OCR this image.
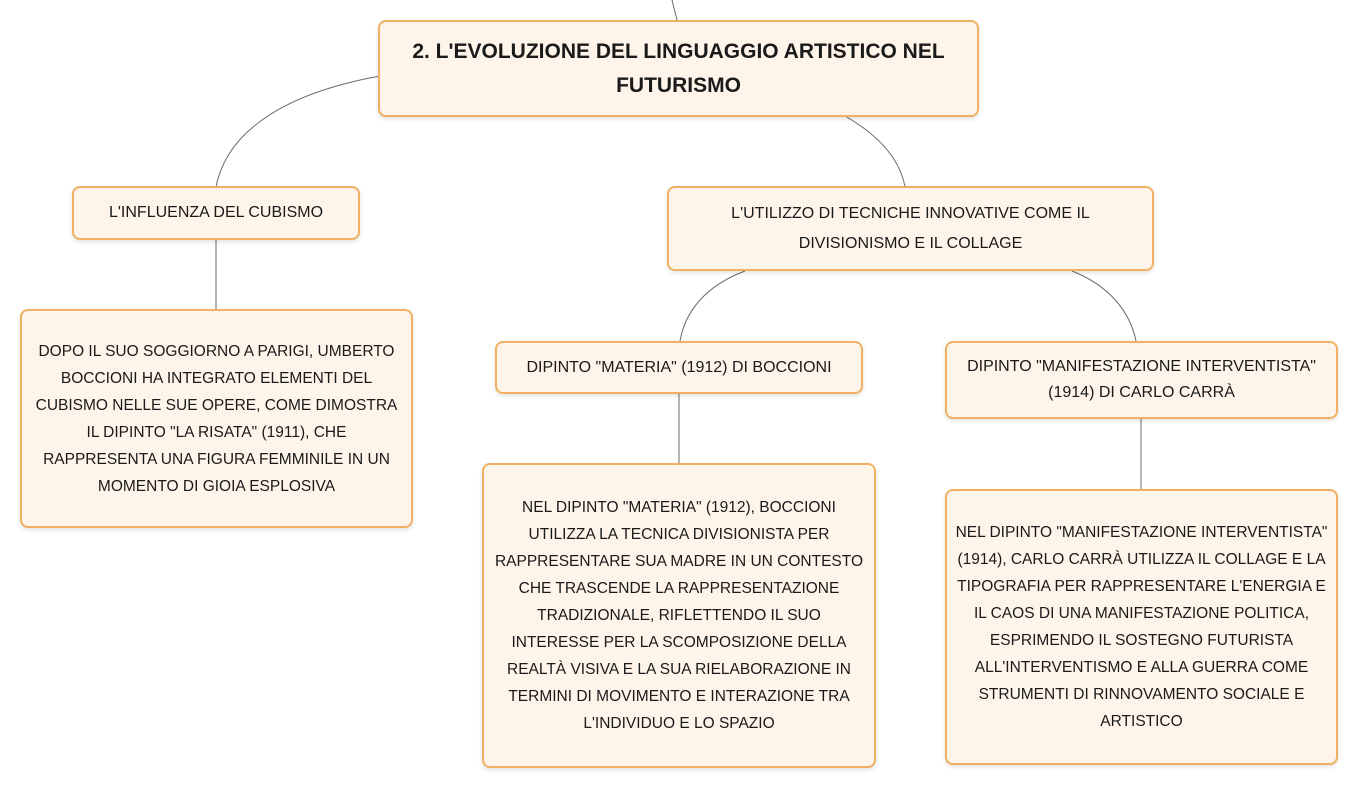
2. L'EVOLUZIONE DEL LINGUAGGIO ARTISTICO NEL FUTURISMO
L'INFLUENZA DEL CUBISMO
DOPO IL SUO SOGGIORNO A PARIGI, UMBERTO BOCCIONI HA INTEGRATO ELEMENTI DEL CUBISMO NELLE SUE OPERE, COME DIMOSTRA IL DIPINTO "LA RISATA" (1911), CHE RAPPRESENTA UNA FIGURA FEMMINILE IN UN MOMENTO DI GIOIA ESPLOSIVA
L'UTILIZZO DI TECNICHE INNOVATIVE COME IL DIVISIONISMO E IL COLLAGE
DIPINTO "MATERIA" (1912) DI BOCCIONI	DIPINTO "MANIFESTAZIONE INTERVENTISTA" (1914) DI CARLO CARRÀ
NEL DIPINTO "MATERIA" (1912), BOCCIONI UTILIZZA LA TECNICA DIVISIONISTA PER RAPPRESENTARE SUA MADRE IN UN CONTESTO CHE TRASCENDE LA RAPPRESENTAZIONE TRADIZIONALE, RIFLETTENDO IL SUO INTERESSE PER LA SCOMPOSIZIONE DELLA REALTÀ VISIVA E LA SUA RIELABORAZIONE IN TERMINI DI MOVIMENTO E INTERAZIONE TRA L'INDIVIDUO E LO SPAZIO
NEL DIPINTO "MANIFESTAZIONE INTERVENTISTA" (1914), CARLO CARRÀ UTILIZZA IL COLLAGE E LA TIPOGRAFIA PER RAPPRESENTARE L'ENERGIA E IL CAOS DI UNA MANIFESTAZIONE POLITICA, ESPRIMENDO IL SOSTEGNO FUTURISTA ALL'INTERVENTISMO E ALLA GUERRA COME STRUMENTI DI RINNOVAMENTO SOCIALE E ARTISTICO
